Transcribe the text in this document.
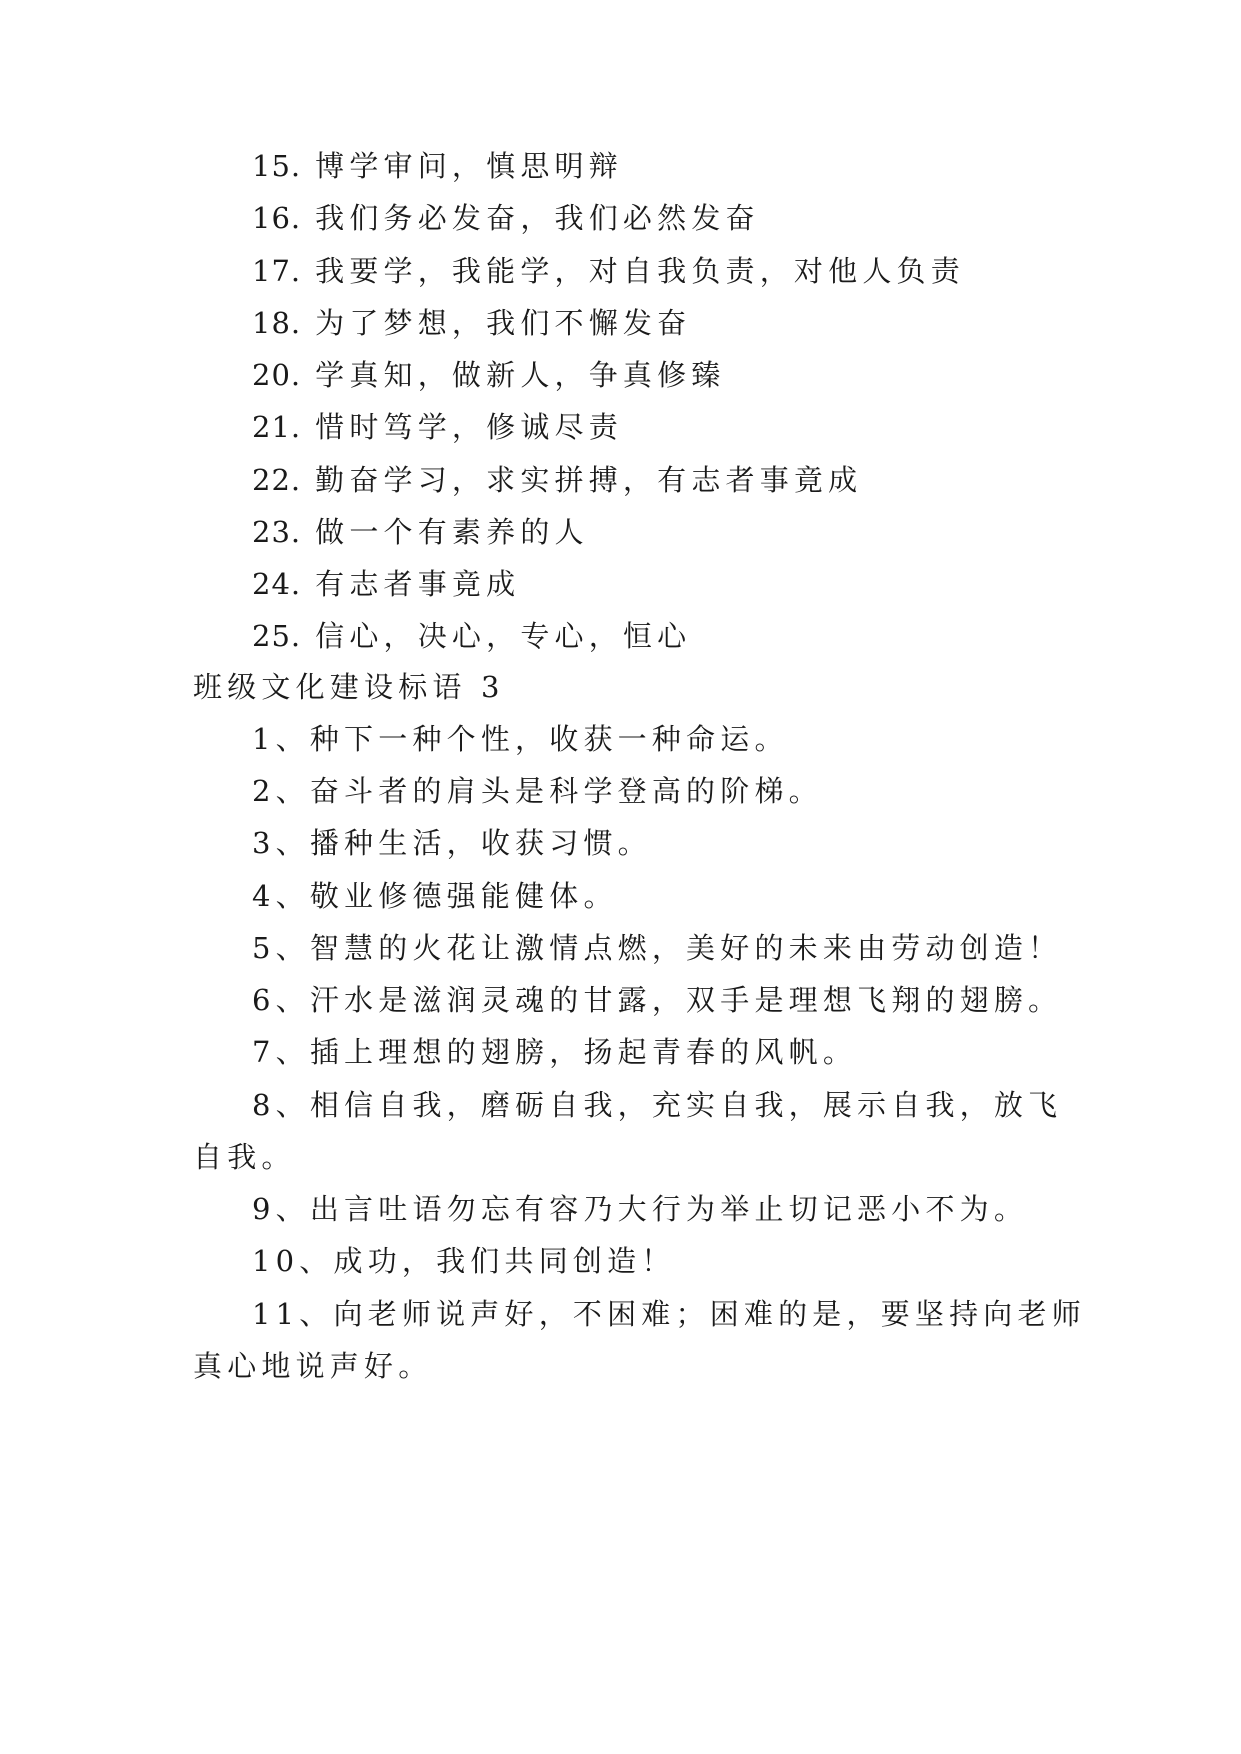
15. 博学审问，慎思明辩
16. 我们务必发奋，我们必然发奋
17. 我要学，我能学，对自我负责，对他人负责
18. 为了梦想，我们不懈发奋
20. 学真知，做新人，争真修臻
21. 惜时笃学，修诚尽责
22. 勤奋学习，求实拼搏，有志者事竟成
23. 做一个有素养的人
24. 有志者事竟成
25. 信心，决心，专心，恒心
班级文化建设标语 3
1、种下一种个性，收获一种命运。
2、奋斗者的肩头是科学登高的阶梯。
3、播种生活，收获习惯。
4、敬业修德强能健体。
5、智慧的火花让激情点燃，美好的未来由劳动创造！
6、汗水是滋润灵魂的甘露，双手是理想飞翔的翅膀。
7、插上理想的翅膀，扬起青春的风帆。
8、相信自我，磨砺自我，充实自我，展示自我，放飞
自我。
9、出言吐语勿忘有容乃大行为举止切记恶小不为。
10、成功，我们共同创造！
11、向老师说声好，不困难；困难的是，要坚持向老师
真心地说声好。
